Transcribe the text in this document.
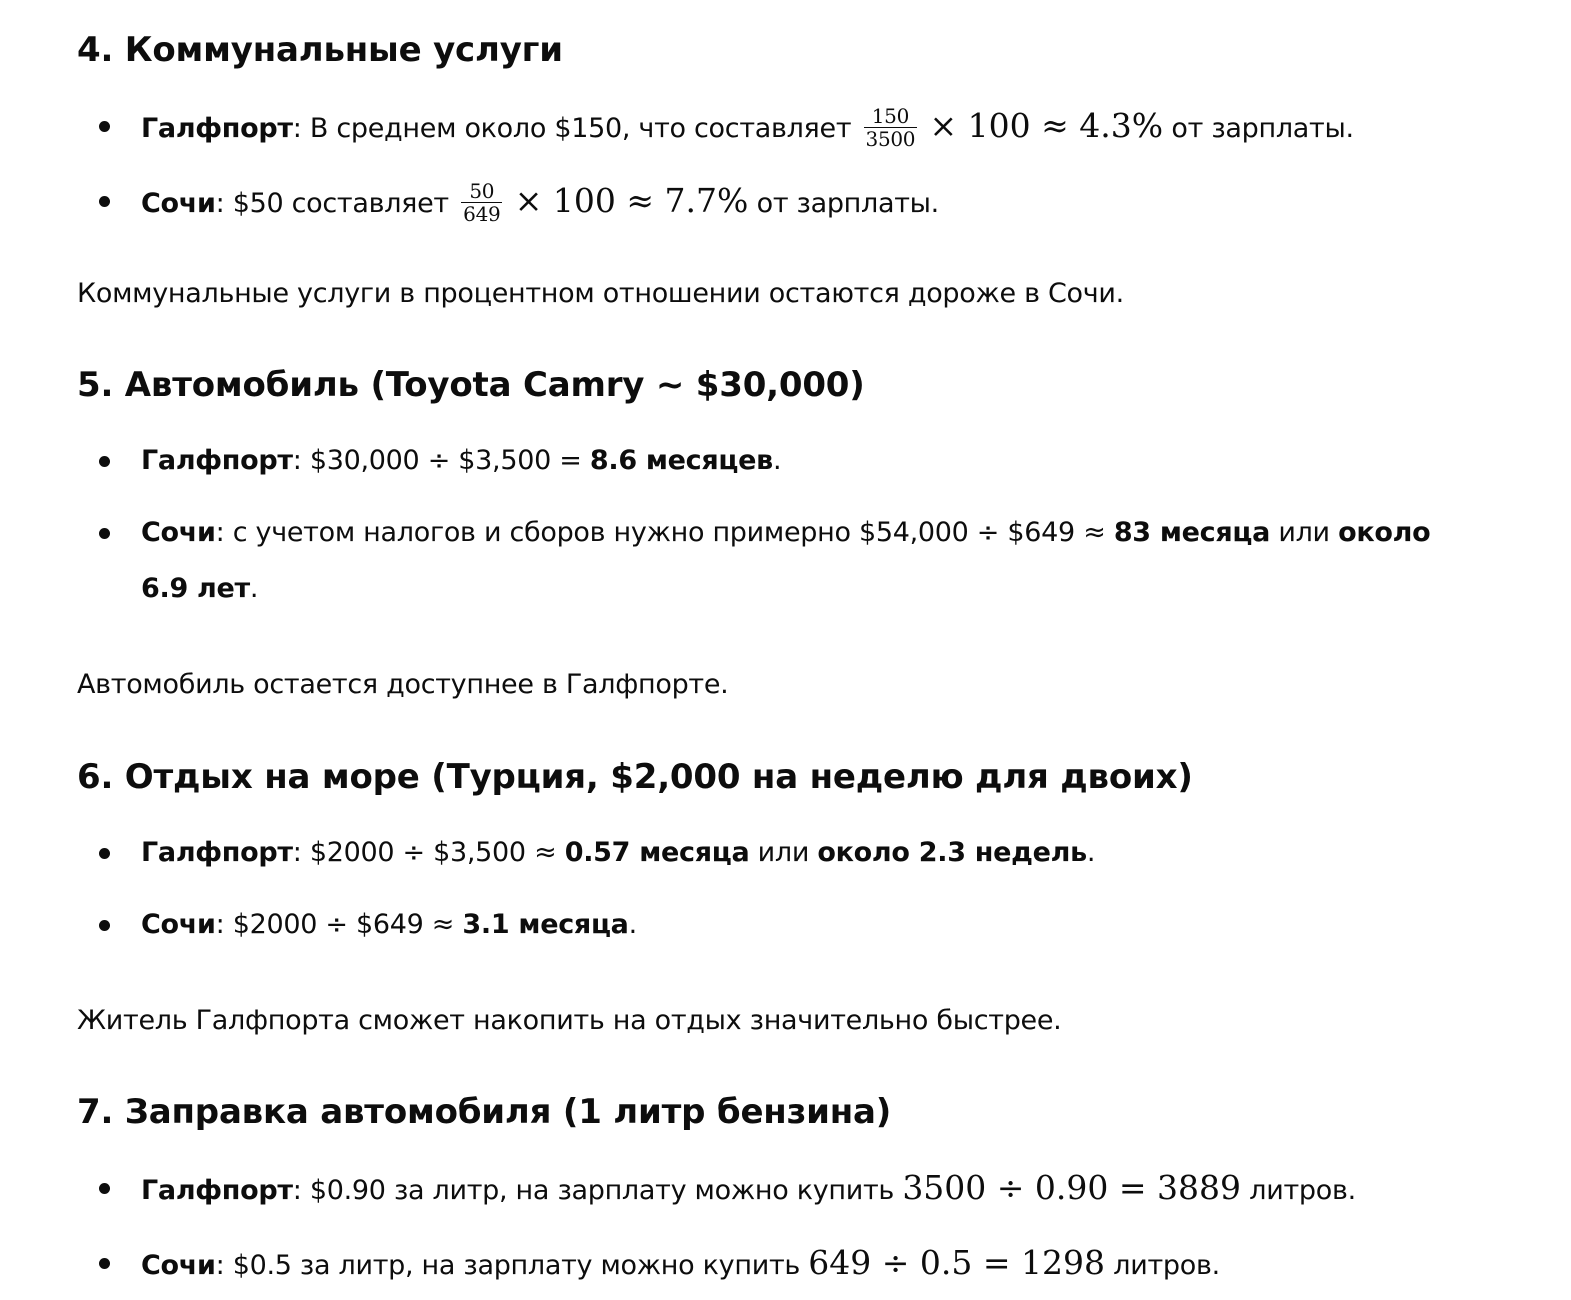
4. Коммунальные услуги
Галфпорт: В среднем около $150, что составляет $\frac{150}{3500} \times 100 \approx 4.3\%$ от зарплаты.
Сочи: $50 составляет $\frac{50}{649} \times 100 \approx 7.7\%$ от зарплаты.

Коммунальные услуги в процентном отношении остаются дороже в Сочи.

5. Автомобиль (Toyota Camry ~ $30,000)
Галфпорт: $30,000 ÷ $3,500 = 8.6 месяцев.
Сочи: с учетом налогов и сборов нужно примерно $54,000 ÷ $649 ≈ 83 месяца или около
6.9 лет.

Автомобиль остается доступнее в Галфпорте.

6. Отдых на море (Турция, $2,000 на неделю для двоих)
Галфпорт: $2000 ÷ $3,500 ≈ 0.57 месяца или около 2.3 недель.
Сочи: $2000 ÷ $649 ≈ 3.1 месяца.

Житель Галфпорта сможет накопить на отдых значительно быстрее.

7. Заправка автомобиля (1 литр бензина)
Галфпорт: $0.90 за литр, на зарплату можно купить 3500 ÷ 0.90 = 3889 литров.
Сочи: $0.5 за литр, на зарплату можно купить 649 ÷ 0.5 = 1298 литров.
